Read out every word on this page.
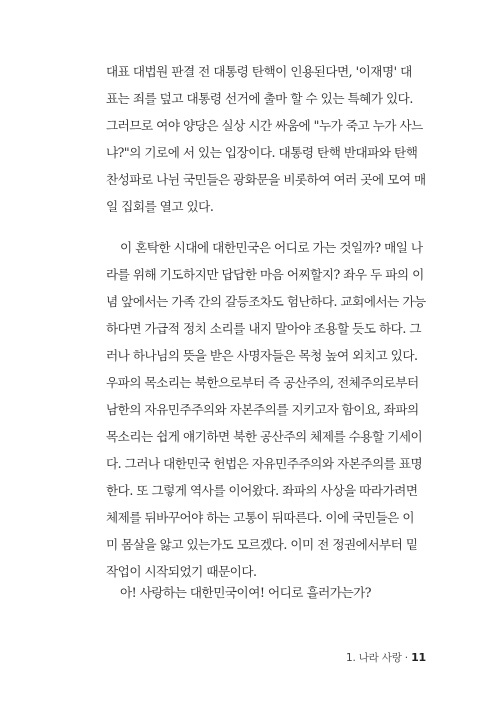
대표 대법원 판결 전 대통령 탄핵이 인용된다면, '이재명' 대
표는 죄를 덮고 대통령 선거에 출마 할 수 있는 특혜가 있다.
그러므로 여야 양당은 실상 시간 싸움에 "누가 죽고 누가 사느
냐?"의 기로에 서 있는 입장이다. 대통령 탄핵 반대파와 탄핵
찬성파로 나뉜 국민들은 광화문을 비롯하여 여러 곳에 모여 매
일 집회를 열고 있다.
이 혼탁한 시대에 대한민국은 어디로 가는 것일까? 매일 나
라를 위해 기도하지만 답답한 마음 어찌할지? 좌우 두 파의 이
념 앞에서는 가족 간의 갈등조차도 험난하다. 교회에서는 가능
하다면 가급적 정치 소리를 내지 말아야 조용할 듯도 하다. 그
러나 하나님의 뜻을 받은 사명자들은 목청 높여 외치고 있다.
우파의 목소리는 북한으로부터 즉 공산주의, 전체주의로부터
남한의 자유민주주의와 자본주의를 지키고자 함이요, 좌파의
목소리는 쉽게 얘기하면 북한 공산주의 체제를 수용할 기세이
다. 그러나 대한민국 헌법은 자유민주주의와 자본주의를 표명
한다. 또 그렇게 역사를 이어왔다. 좌파의 사상을 따라가려면
체제를 뒤바꾸어야 하는 고통이 뒤따른다. 이에 국민들은 이
미 몸살을 앓고 있는가도 모르겠다. 이미 전 정권에서부터 밑
작업이 시작되었기 때문이다.
아! 사랑하는 대한민국이여! 어디로 흘러가는가?
1. 나라 사랑 · 11
